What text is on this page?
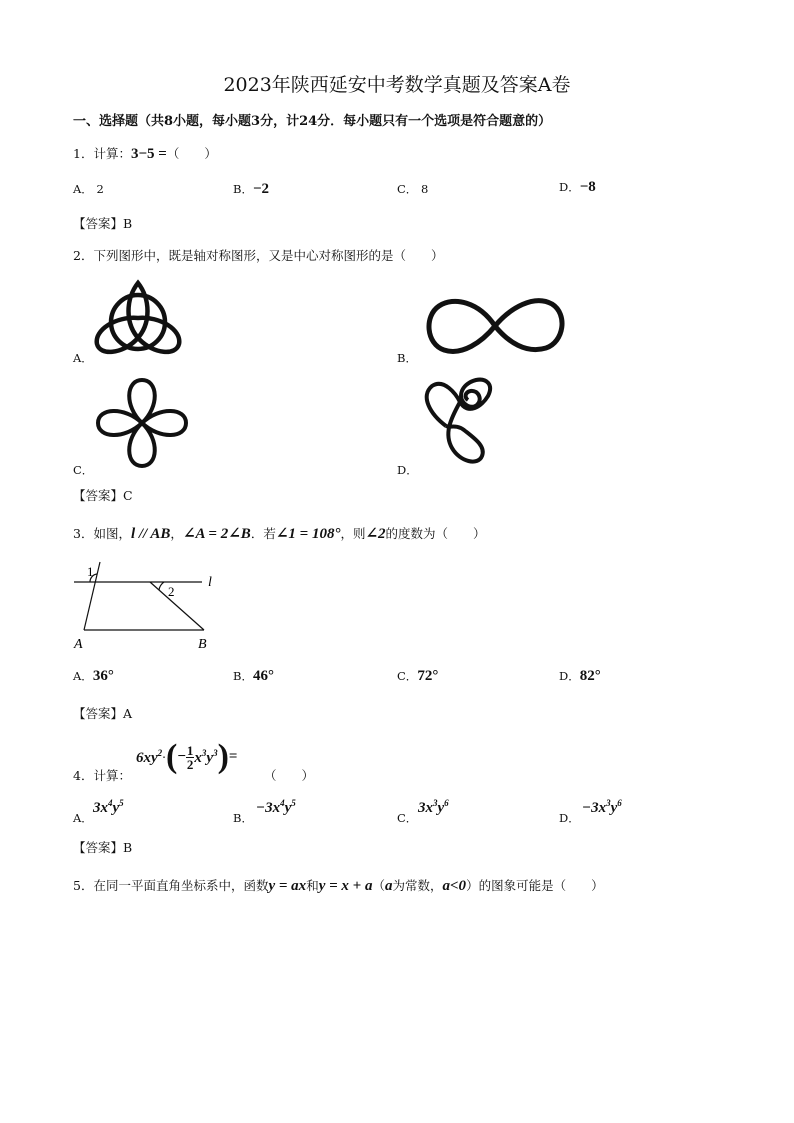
2023年陕西延安中考数学真题及答案A卷
一、选择题（共8小题，每小题3分，计24分．每小题只有一个选项是符合题意的）
1．计算：3−5 =（　　）
A． 2	B．−2	C． 8	D．−8
【答案】B
2．下列图形中，既是轴对称图形，又是中心对称图形的是（　　）
A．	B．
C．	D．
【答案】C
3．如图，l // AB，∠A = 2∠B．若∠1 = 108°，则∠2的度数为（　　）
1
2
l
A	B
A．36°	B．46°	C．72°	D．82°
【答案】A
4．计算：
$6xy^2\cdot(- \frac{1}{2} x^3y^3)=$
（　　）
A．
$3x^4y^5$
B．
$-3x^4y^5$
C．
$3x^3y^6$
D．
$-3x^3y^6$
【答案】B
5．在同一平面直角坐标系中，函数y = ax和y = x + a（a为常数，a<0）的图象可能是（　　）
